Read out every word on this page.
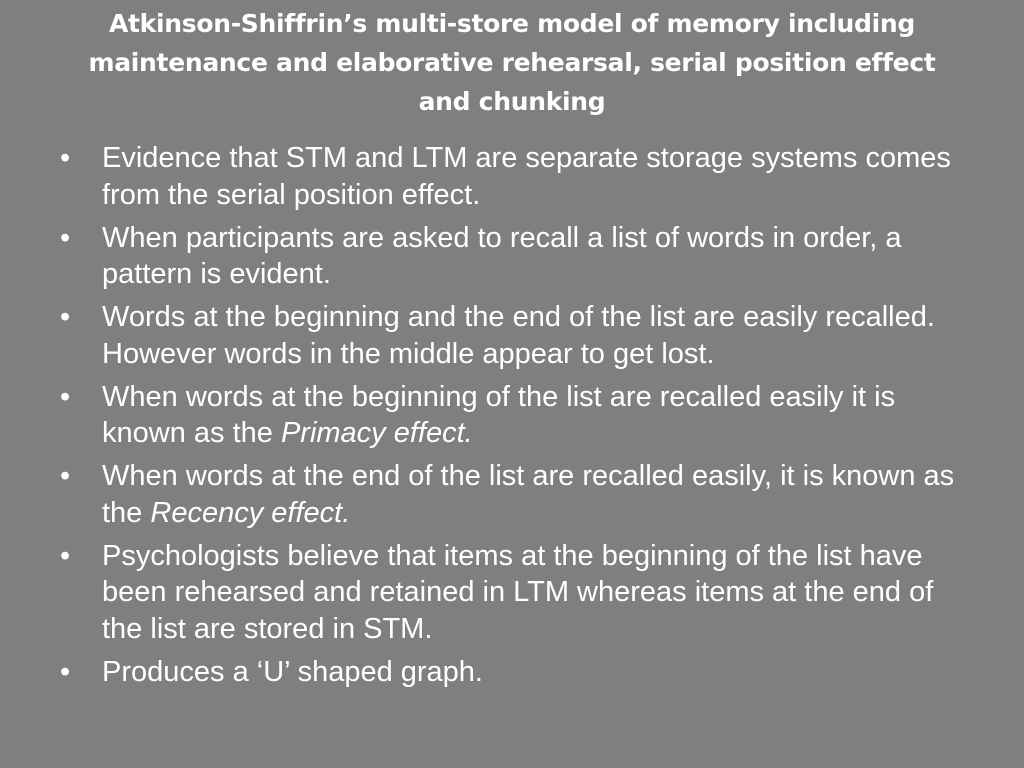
Atkinson-Shiffrin’s multi-store model of memory including
maintenance and elaborative rehearsal, serial position effect
and chunking
•	Evidence that STM and LTM are separate storage systems comes from the serial position effect.
•	When participants are asked to recall a list of words in order, a pattern is evident.
•	Words at the beginning and the end of the list are easily recalled. However words in the middle appear to get lost.
•	When words at the beginning of the list are recalled easily it is known as the Primacy effect.
•	When words at the end of the list are recalled easily, it is known as the Recency effect.
•	Psychologists believe that items at the beginning of the list have been rehearsed and retained in LTM whereas items at the end of the list are stored in STM.
•	Produces a ‘U’ shaped graph.
